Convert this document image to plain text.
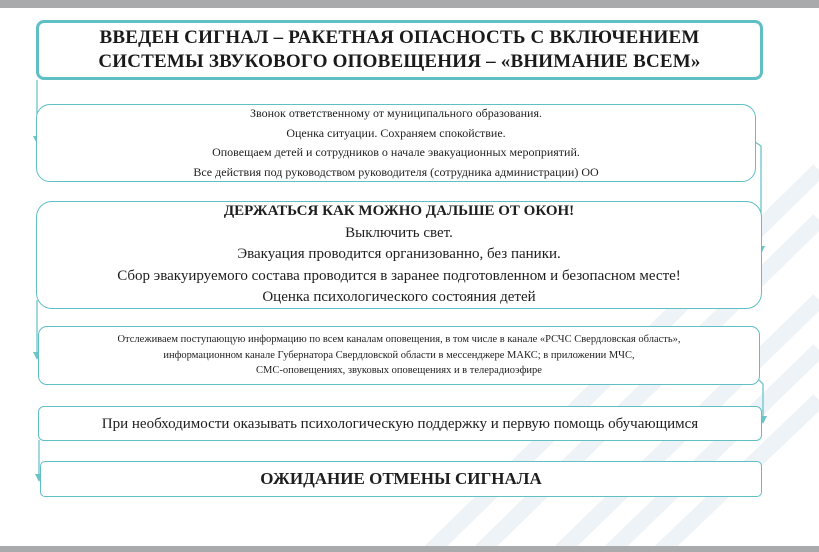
ВВЕДЕН СИГНАЛ – РАКЕТНАЯ ОПАСНОСТЬ С ВКЛЮЧЕНИЕМ
СИСТЕМЫ ЗВУКОВОГО ОПОВЕЩЕНИЯ – «ВНИМАНИЕ ВСЕМ»
Звонок ответственному от муниципального образования.
Оценка ситуации. Сохраняем спокойствие.
Оповещаем детей и сотрудников о начале эвакуационных мероприятий.
Все действия под руководством руководителя (сотрудника администрации) ОО
ДЕРЖАТЬСЯ КАК МОЖНО ДАЛЬШЕ ОТ ОКОН!
Выключить свет.
Эвакуация проводится организованно, без паники.
Сбор эвакуируемого состава проводится в заранее подготовленном и безопасном месте!
Оценка психологического состояния детей
Отслеживаем поступающую информацию по всем каналам оповещения, в том числе в канале «РСЧС Свердловская область»,
информационном канале Губернатора Свердловской области в мессенджере МАКС; в приложении МЧС,
СМС-оповещениях, звуковых оповещениях и в телерадиоэфире
При необходимости оказывать психологическую поддержку и первую помощь обучающимся
ОЖИДАНИЕ ОТМЕНЫ СИГНАЛА
